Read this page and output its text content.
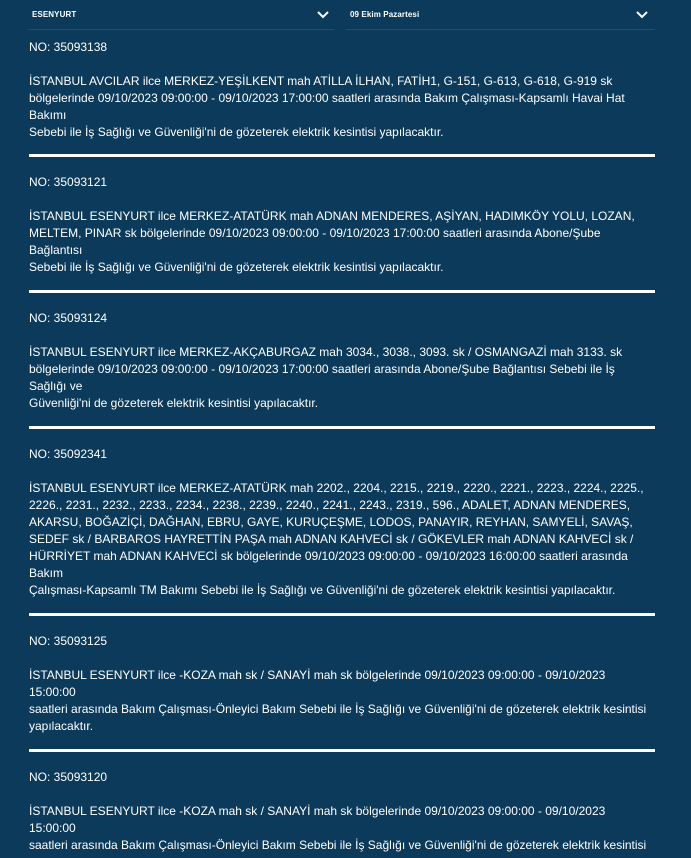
ESENYURT	09 Ekim Pazartesi

NO: 35093138

İSTANBUL AVCILAR ilce MERKEZ-YEŞİLKENT mah ATİLLA İLHAN, FATİH1, G-151, G-613, G-618, G-919 sk
bölgelerinde 09/10/2023 09:00:00 - 09/10/2023 17:00:00 saatleri arasında Bakım Çalışması-Kapsamlı Havai Hat Bakımı
Sebebi ile İş Sağlığı ve Güvenliği'ni de gözeterek elektrik kesintisi yapılacaktır.

NO: 35093121

İSTANBUL ESENYURT ilce MERKEZ-ATATÜRK mah ADNAN MENDERES, AŞİYAN, HADIMKÖY YOLU, LOZAN,
MELTEM, PINAR sk bölgelerinde 09/10/2023 09:00:00 - 09/10/2023 17:00:00 saatleri arasında Abone/Şube Bağlantısı
Sebebi ile İş Sağlığı ve Güvenliği'ni de gözeterek elektrik kesintisi yapılacaktır.

NO: 35093124

İSTANBUL ESENYURT ilce MERKEZ-AKÇABURGAZ mah 3034., 3038., 3093. sk / OSMANGAZİ mah 3133. sk
bölgelerinde 09/10/2023 09:00:00 - 09/10/2023 17:00:00 saatleri arasında Abone/Şube Bağlantısı Sebebi ile İş Sağlığı ve
Güvenliği'ni de gözeterek elektrik kesintisi yapılacaktır.

NO: 35092341

İSTANBUL ESENYURT ilce MERKEZ-ATATÜRK mah 2202., 2204., 2215., 2219., 2220., 2221., 2223., 2224., 2225.,
2226., 2231., 2232., 2233., 2234., 2238., 2239., 2240., 2241., 2243., 2319., 596., ADALET, ADNAN MENDERES,
AKARSU, BOĞAZİÇİ, DAĞHAN, EBRU, GAYE, KURUÇEŞME, LODOS, PANAYIR, REYHAN, SAMYELİ, SAVAŞ,
SEDEF sk / BARBAROS HAYRETTİN PAŞA mah ADNAN KAHVECİ sk / GÖKEVLER mah ADNAN KAHVECİ sk /
HÜRRİYET mah ADNAN KAHVECİ sk bölgelerinde 09/10/2023 09:00:00 - 09/10/2023 16:00:00 saatleri arasında Bakım
Çalışması-Kapsamlı TM Bakımı Sebebi ile İş Sağlığı ve Güvenliği'ni de gözeterek elektrik kesintisi yapılacaktır.

NO: 35093125

İSTANBUL ESENYURT ilce -KOZA mah sk / SANAYİ mah sk bölgelerinde 09/10/2023 09:00:00 - 09/10/2023 15:00:00
saatleri arasında Bakım Çalışması-Önleyici Bakım Sebebi ile İş Sağlığı ve Güvenliği'ni de gözeterek elektrik kesintisi
yapılacaktır.

NO: 35093120

İSTANBUL ESENYURT ilce -KOZA mah sk / SANAYİ mah sk bölgelerinde 09/10/2023 09:00:00 - 09/10/2023 15:00:00
saatleri arasında Bakım Çalışması-Önleyici Bakım Sebebi ile İş Sağlığı ve Güvenliği'ni de gözeterek elektrik kesintisi
